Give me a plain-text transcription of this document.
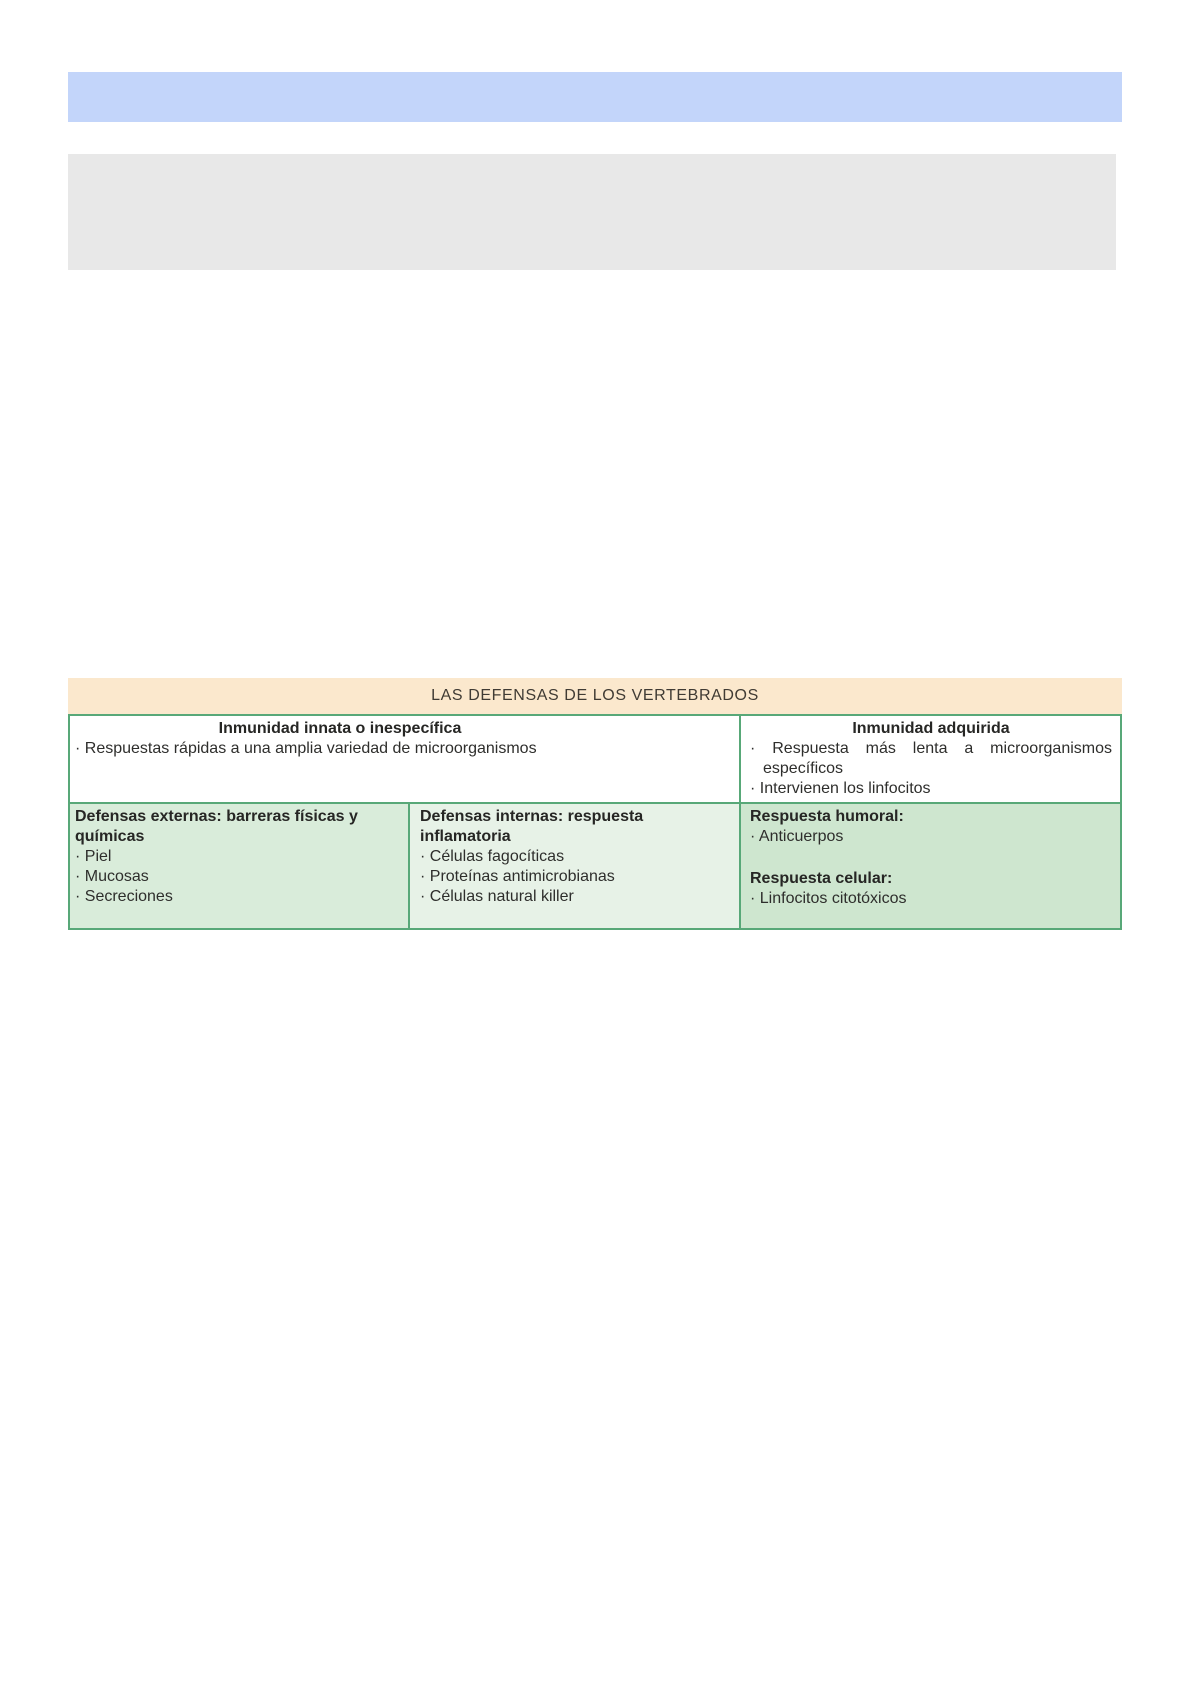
LAS DEFENSAS DE LOS VERTEBRADOS
Inmunidad innata o inespecífica
· Respuestas rápidas a una amplia variedad de microorganismos
Inmunidad adquirida
· Respuesta más lenta a microorganismos específicos
· Intervienen los linfocitos
Defensas externas: barreras físicas y químicas
· Piel
· Mucosas
· Secreciones
Defensas internas: respuesta inflamatoria
· Células fagocíticas
· Proteínas antimicrobianas
· Células natural killer
Respuesta humoral:
· Anticuerpos
Respuesta celular:
· Linfocitos citotóxicos
